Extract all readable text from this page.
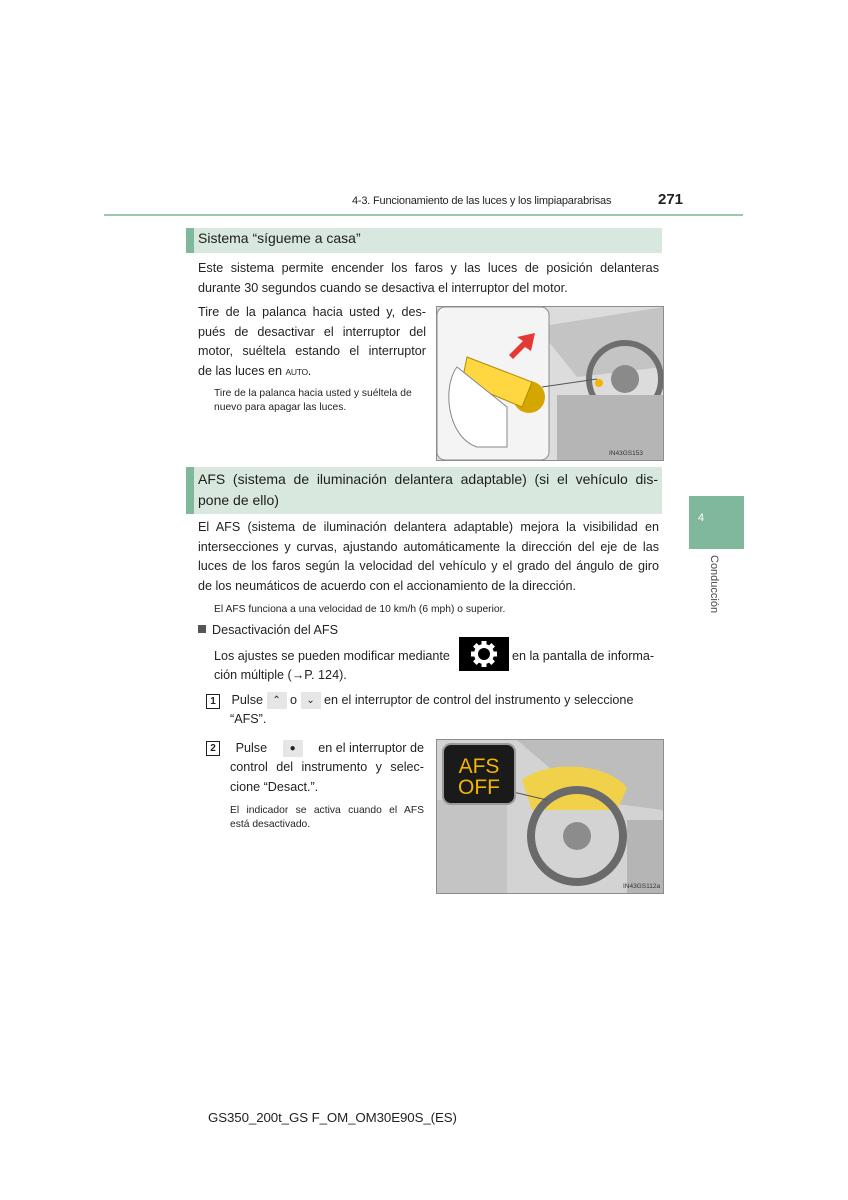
4-3. Funcionamiento de las luces y los limpiaparabrisas	271
4
Conducción
Sistema “sígueme a casa”
Este sistema permite encender los faros y las luces de posición delanteras durante 30 segundos cuando se desactiva el interruptor del motor.
Tire de la palanca hacia usted y, des-
pués de desactivar el interruptor del
motor, suéltela estando el interruptor
de las luces en AUTO.
Tire de la palanca hacia usted y suéltela de
nuevo para apagar las luces.
IN43GS153
AFS (sistema de iluminación delantera adaptable) (si el vehículo dis-
pone de ello)
El AFS (sistema de iluminación delantera adaptable) mejora la visibilidad en
intersecciones y curvas, ajustando automáticamente la dirección del eje de las
luces de los faros según la velocidad del vehículo y el grado del ángulo de giro
de los neumáticos de acuerdo con el accionamiento de la dirección.
El AFS funciona a una velocidad de 10 km/h (6 mph) o superior.
Desactivación del AFS
Los ajustes se pueden modificar mediante	en la pantalla de informa-
ción múltiple (→P. 124).
1 Pulse ⌃ o ⌄ en el interruptor de control del instrumento y seleccione
“AFS”.
2	Pulse	●	en el interruptor de
control del instrumento y selec-
cione “Desact.”.
El indicador se activa cuando el AFS
está desactivado.
AFS
OFF
IN43GS112a
GS350_200t_GS F_OM_OM30E90S_(ES)
